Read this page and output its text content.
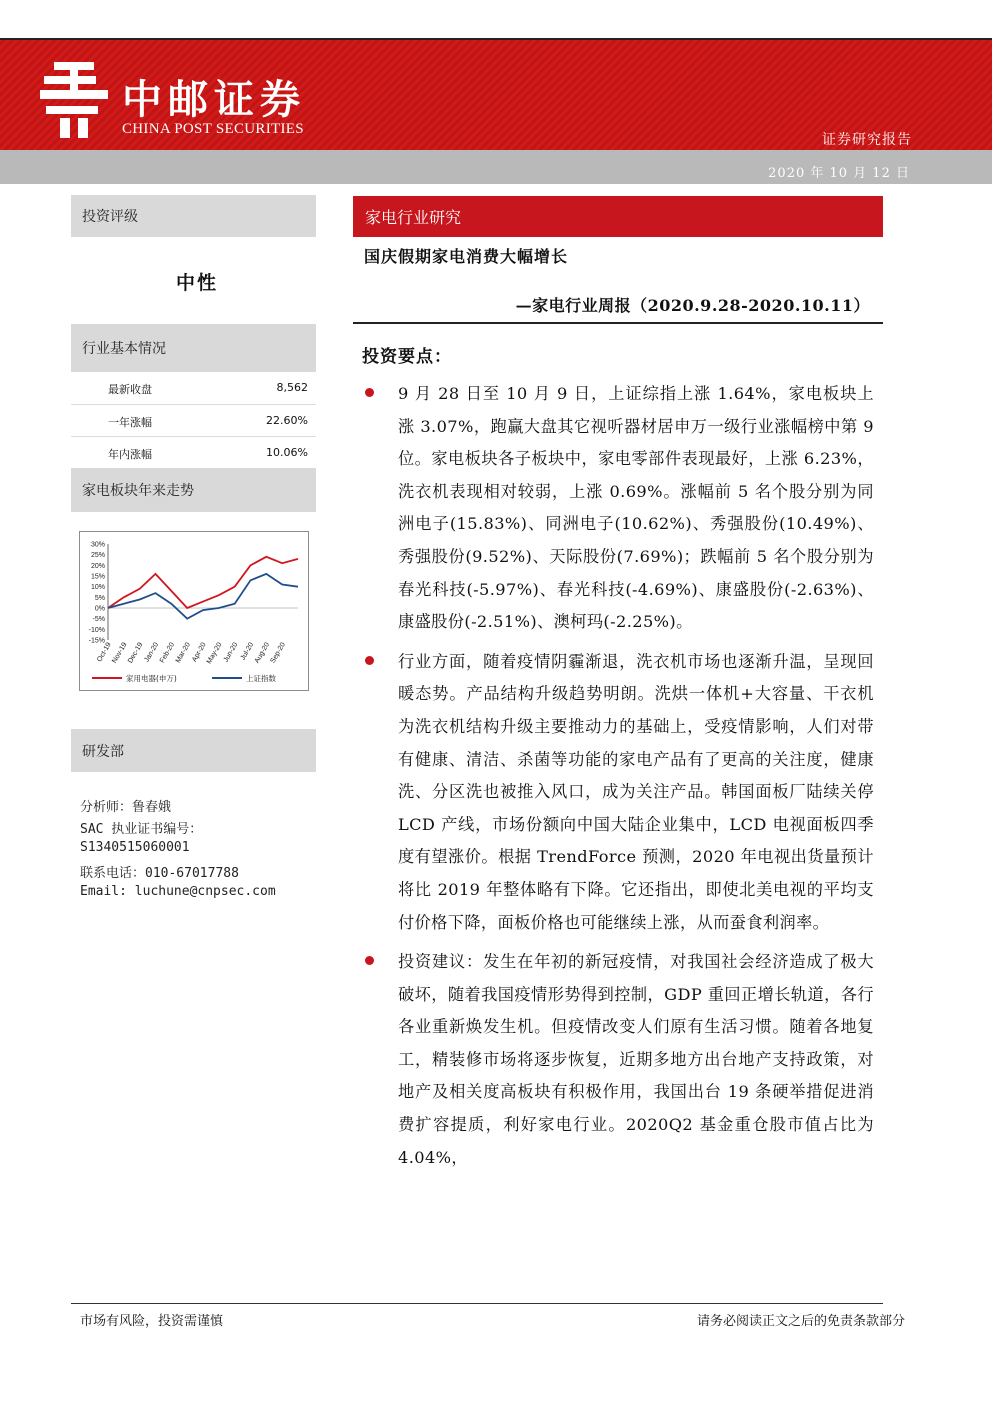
中邮证券
CHINA POST SECURITIES
证券研究报告
2020 年 10 月 12 日
投资评级
中性
行业基本情况
最新收盘	8,562
一年涨幅	22.60%
年内涨幅	10.06%
家电板块年来走势
30%
25%
20%
15%
10%
5%
0%
-5%
-10%
-15%
Oct-19
Nov-19
Dec-19 Jan-20
Feb-20
Mar-20 Apr-20
May-20 Jun-20 Jul-20
Aug-20
Sep-20
家用电器(申万)	上证指数
研发部
分析师：鲁春娥
SAC 执业证书编号：
S1340515060001
联系电话：010-67017788
Email: luchune@cnpsec.com
家电行业研究
国庆假期家电消费大幅增长
—家电行业周报（2020.9.28-2020.10.11）
投资要点：
9 月 28 日至 10 月 9 日，上证综指上涨 1.64%，家电板块上涨 3.07%，跑赢大盘其它视听器材居申万一级行业涨幅榜中第 9 位。家电板块各子板块中，家电零部件表现最好，上涨 6.23%，洗衣机表现相对较弱，上涨 0.69%。涨幅前 5 名个股分别为同洲电子(15.83%)、同洲电子(10.62%)、秀强股份(10.49%)、秀强股份(9.52%)、天际股份(7.69%)；跌幅前 5 名个股分别为春光科技(-5.97%)、春光科技(-4.69%)、康盛股份(-2.63%)、康盛股份(-2.51%)、澳柯玛(-2.25%)。
行业方面，随着疫情阴霾渐退，洗衣机市场也逐渐升温，呈现回暖态势。产品结构升级趋势明朗。洗烘一体机+大容量、干衣机为洗衣机结构升级主要推动力的基础上，受疫情影响，人们对带有健康、清洁、杀菌等功能的家电产品有了更高的关注度，健康洗、分区洗也被推入风口，成为关注产品。韩国面板厂陆续关停 LCD 产线，市场份额向中国大陆企业集中，LCD 电视面板四季度有望涨价。根据 TrendForce 预测，2020 年电视出货量预计将比 2019 年整体略有下降。它还指出，即使北美电视的平均支付价格下降，面板价格也可能继续上涨，从而蚕食利润率。
投资建议：发生在年初的新冠疫情，对我国社会经济造成了极大破坏，随着我国疫情形势得到控制，GDP 重回正增长轨道，各行各业重新焕发生机。但疫情改变人们原有生活习惯。随着各地复工，精装修市场将逐步恢复，近期多地方出台地产支持政策，对地产及相关度高板块有积极作用，我国出台 19 条硬举措促进消费扩容提质，利好家电行业。2020Q2 基金重仓股市值占比为 4.04%，
市场有风险，投资需谨慎	请务必阅读正文之后的免责条款部分
